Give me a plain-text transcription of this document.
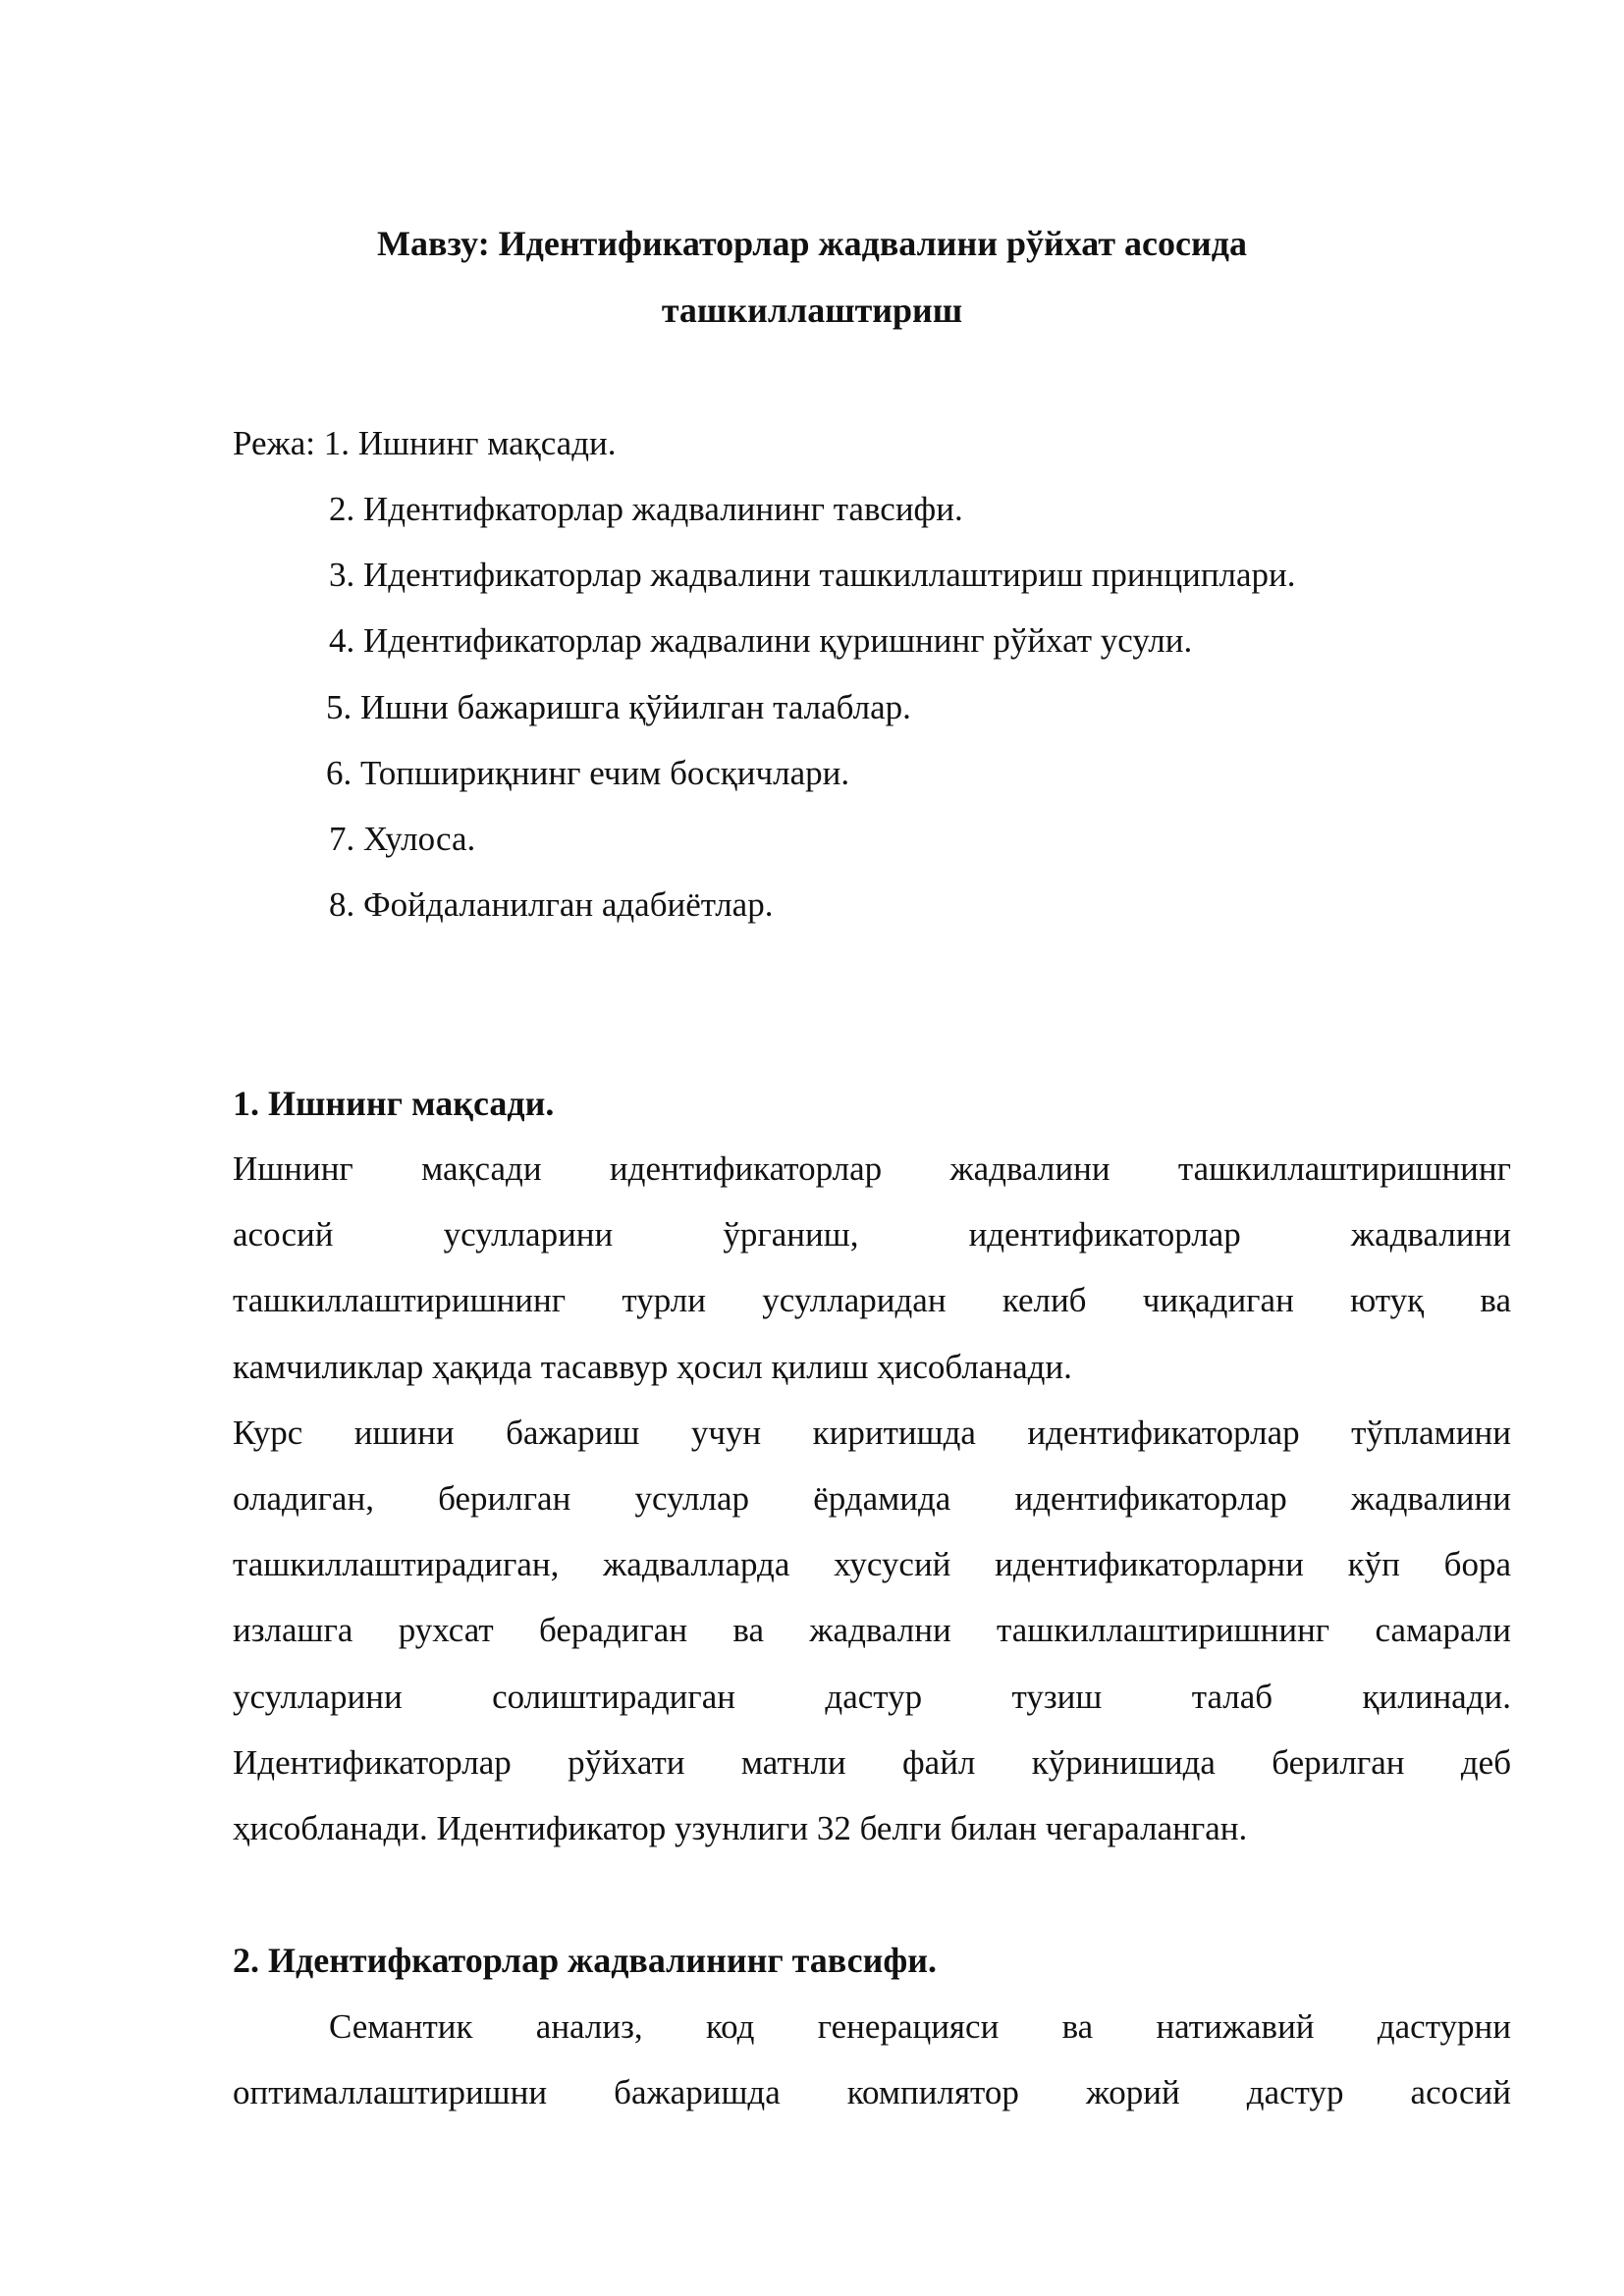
Мавзу: Идентификаторлар жадвалини рўйхат асосида

ташкиллаштириш

Режа: 1. Ишнинг мақсади.

2. Идентифкаторлар жадвалининг тавсифи.

3. Идентификаторлар жадвалини ташкиллаштириш принциплари.

4. Идентификаторлар жадвалини қуришнинг рўйхат усули.

5. Ишни бажаришга қўйилган талаблар.

6. Топшириқнинг ечим босқичлари.

7. Хулоса.

8. Фойдаланилган адабиётлар.

1. Ишнинг мақсади.

Ишнинг мақсади идентификаторлар жадвалини ташкиллаштиришнинг

асосий усулларини ўрганиш, идентификаторлар жадвалини

ташкиллаштиришнинг турли усулларидан келиб чиқадиган ютуқ ва

камчиликлар ҳақида тасаввур ҳосил қилиш ҳисобланади.

Курс ишини бажариш учун киритишда идентификаторлар тўпламини

оладиган, берилган усуллар ёрдамида идентификаторлар жадвалини

ташкиллаштирадиган, жадвалларда хусусий идентификаторларни кўп бора

излашга рухсат берадиган ва жадвални ташкиллаштиришнинг самарали

усулларини солиштирадиган дастур тузиш талаб қилинади.

Идентификаторлар рўйхати матнли файл кўринишида берилган деб

ҳисобланади. Идентификатор узунлиги 32 белги билан чегараланган.

2. Идентифкаторлар жадвалининг тавсифи.

Семантик анализ, код генерацияси ва натижавий дастурни

оптималлаштиришни бажаришда компилятор жорий дастур асосий
